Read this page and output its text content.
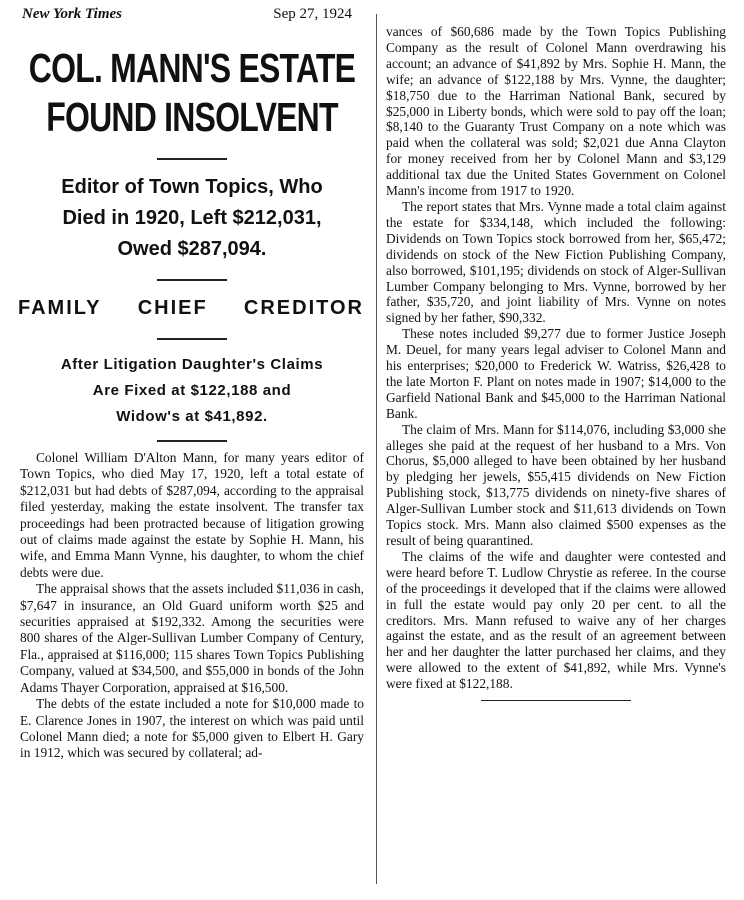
New York Times	Sep 27, 1924
COL. MANN'S ESTATE
FOUND INSOLVENT
Editor of Town Topics, Who
Died in 1920, Left $212,031,
Owed $287,094.
FAMILY CHIEF CREDITOR
After Litigation Daughter's Claims
Are Fixed at $122,188 and
Widow's at $41,892.

Colonel William D'Alton Mann, for many years editor of Town Topics, who died May 17, 1920, left a total estate of $212,031 but had debts of $287,094, according to the appraisal filed yesterday, making the estate insolvent. The transfer tax proceedings had been protracted because of litigation growing out of claims made against the estate by Sophie H. Mann, his wife, and Emma Mann Vynne, his daughter, to whom the chief debts were due.

The appraisal shows that the assets included $11,036 in cash, $7,647 in insurance, an Old Guard uniform worth $25 and securities appraised at $192,332. Among the securities were 800 shares of the Alger-Sullivan Lumber Company of Century, Fla., appraised at $116,000; 115 shares Town Topics Publishing Company, valued at $34,500, and $55,000 in bonds of the John Adams Thayer Corporation, appraised at $16,500.

The debts of the estate included a note for $10,000 made to E. Clarence Jones in 1907, the interest on which was paid until Colonel Mann died; a note for $5,000 given to Elbert H. Gary in 1912, which was secured by collateral; ad-

vances of $60,686 made by the Town Topics Publishing Company as the result of Colonel Mann overdrawing his account; an advance of $41,892 by Mrs. Sophie H. Mann, the wife; an advance of $122,188 by Mrs. Vynne, the daughter; $18,750 due to the Harriman National Bank, secured by $25,000 in Liberty bonds, which were sold to pay off the loan; $8,140 to the Guaranty Trust Company on a note which was paid when the collateral was sold; $2,021 due Anna Clayton for money received from her by Colonel Mann and $3,129 additional tax due the United States Government on Colonel Mann's income from 1917 to 1920.

The report states that Mrs. Vynne made a total claim against the estate for $334,148, which included the following: Dividends on Town Topics stock borrowed from her, $65,472; dividends on stock of the New Fiction Publishing Company, also borrowed, $101,195; dividends on stock of Alger-Sullivan Lumber Company belonging to Mrs. Vynne, borrowed by her father, $35,720, and joint liability of Mrs. Vynne on notes signed by her father, $90,332.

These notes included $9,277 due to former Justice Joseph M. Deuel, for many years legal adviser to Colonel Mann and his enterprises; $20,000 to Frederick W. Watriss, $26,428 to the late Morton F. Plant on notes made in 1907; $14,000 to the Garfield National Bank and $45,000 to the Harriman National Bank.

The claim of Mrs. Mann for $114,076, including $3,000 she alleges she paid at the request of her husband to a Mrs. Von Chorus, $5,000 alleged to have been obtained by her husband by pledging her jewels, $55,415 dividends on New Fiction Publishing stock, $13,775 dividends on ninety-five shares of Alger-Sullivan Lumber stock and $11,613 dividends on Town Topics stock. Mrs. Mann also claimed $500 expenses as the result of being quarantined.

The claims of the wife and daughter were contested and were heard before T. Ludlow Chrystie as referee. In the course of the proceedings it developed that if the claims were allowed in full the estate would pay only 20 per cent. to all the creditors. Mrs. Mann refused to waive any of her charges against the estate, and as the result of an agreement between her and her daughter the latter purchased her claims, and they were allowed to the extent of $41,892, while Mrs. Vynne's were fixed at $122,188.
